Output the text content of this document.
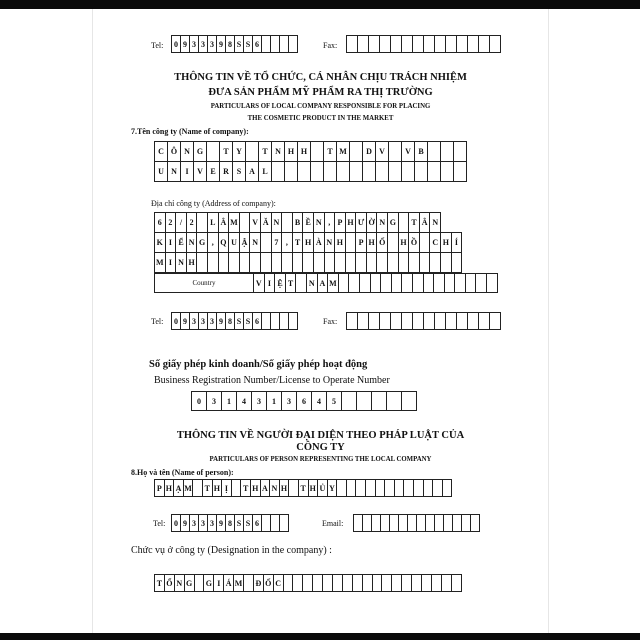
Tel:	0 9 3 3 3 9 8 S S 6	Fax:
THÔNG TIN VỀ TỔ CHỨC, CÁ NHÂN CHỊU TRÁCH NHIỆM
ĐƯA SẢN PHẨM MỸ PHẨM RA THỊ TRƯỜNG
PARTICULARS OF LOCAL COMPANY RESPONSIBLE FOR PLACING
THE COSMETIC PRODUCT IN THE MARKET
7.Tên công ty (Name of company):
C Ô N G	T Y	T N H H	T M	D V	V B
U N	I	V E R S A L
Địa chỉ công ty (Address of company):
6 2 / 2	L Â M	V Ă N	B Ề N , P H Ư Ờ N G	T Â N
K I Ể N G , Q U Ậ N	7 , T H À N H	P H Ố	H Ồ	C H Í
M I N H
Country	V I Ệ T	N A M
Tel:	0 9 3 3 3 9 8 S S 6	Fax:
Số giấy phép kinh doanh/Số giấy phép hoạt động
Business Registration Number/License to Operate Number
0	3	1	4	3	1	3	6	4	5
THÔNG TIN VỀ NGƯỜI ĐẠI DIỆN THEO PHÁP LUẬT CỦA
CÔNG TY
PARTICULARS OF PERSON REPRESENTING THE LOCAL COMPANY
8.Họ và tên (Name of person):
P H Ạ M	T H Ị	T H A N H	T H Ủ Y
Tel:	0 9 3 3 3 9 8 S S 6	Email:
Chức vụ ở công ty (Designation in the company) :
T Ổ N G G I Á M	Đ Ố C
